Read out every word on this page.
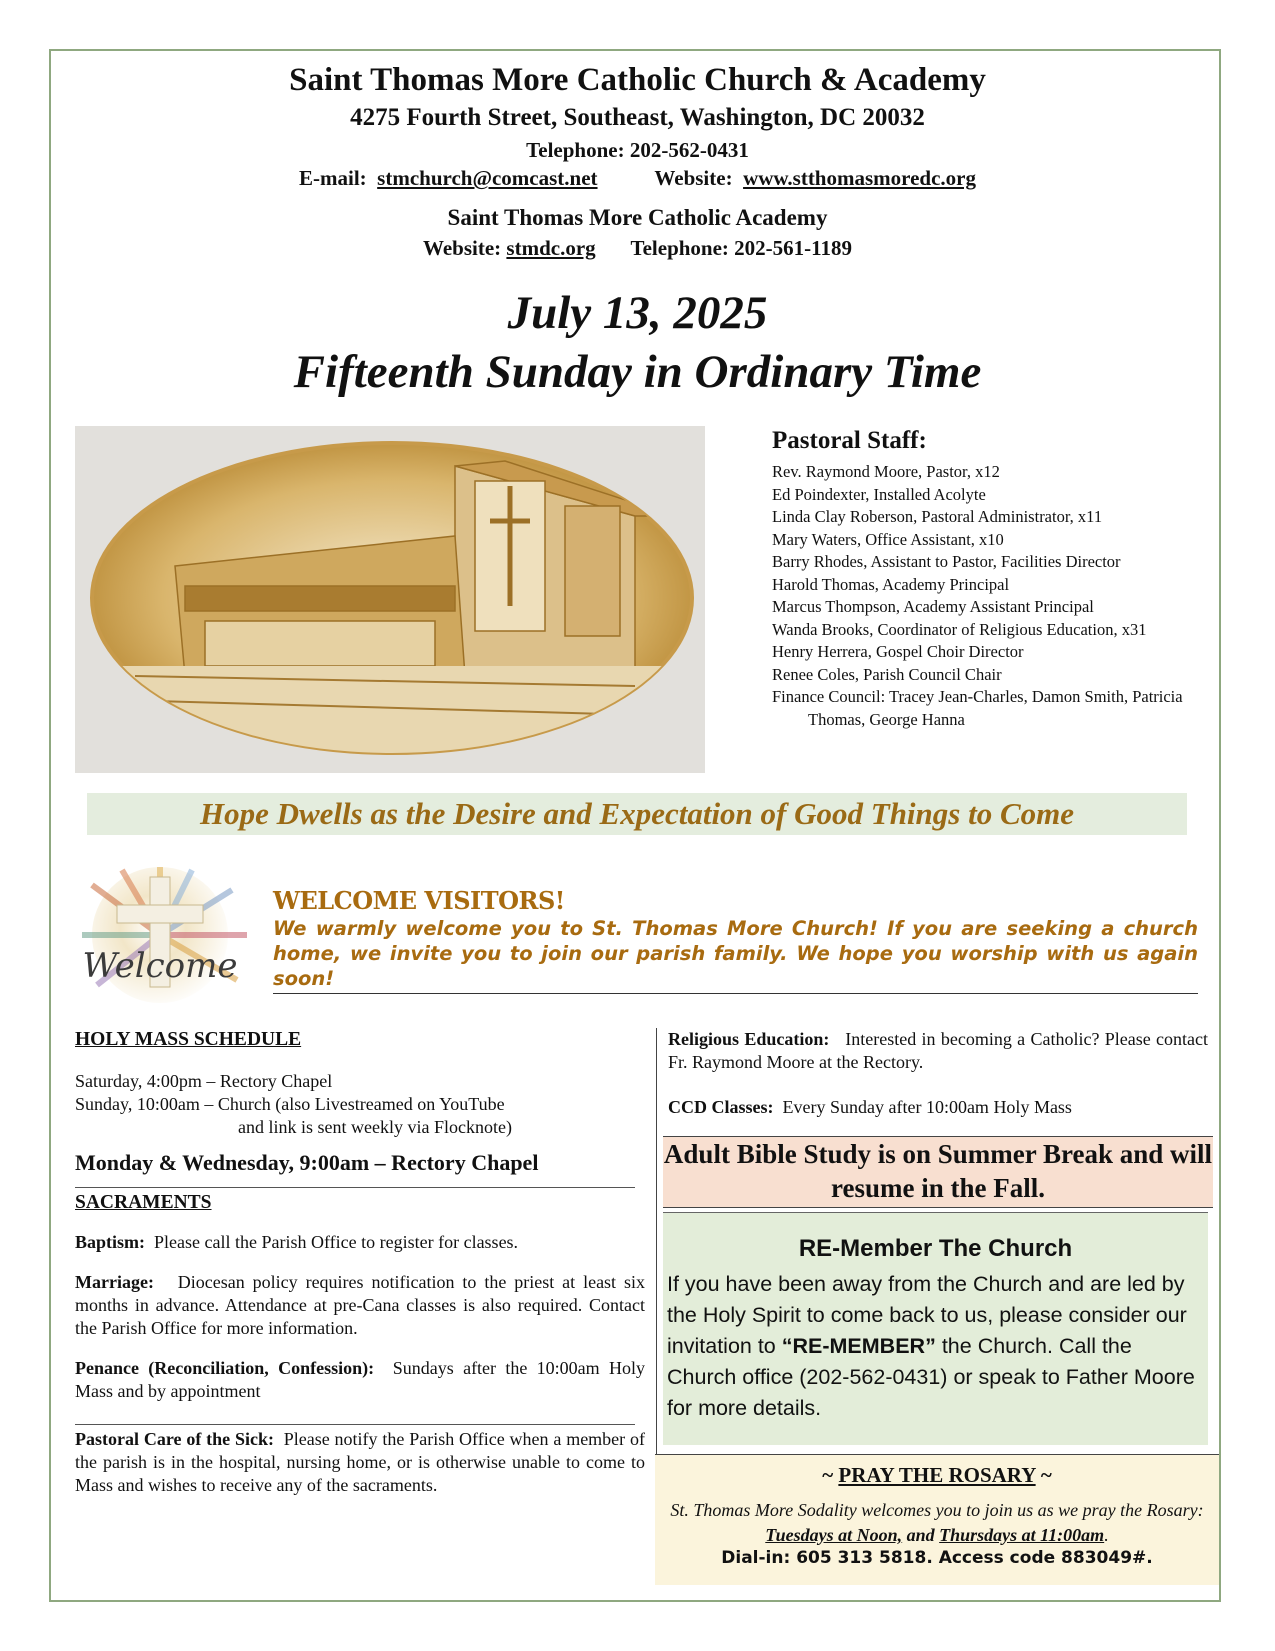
Saint Thomas More Catholic Church & Academy
4275 Fourth Street, Southeast, Washington, DC 20032
Telephone: 202-562-0431
E-mail: stmchurch@comcast.net	Website: www.stthomasmoredc.org
Saint Thomas More Catholic Academy
Website: stmdc.org Telephone: 202-561-1189
July 13, 2025
Fifteenth Sunday in Ordinary Time
Pastoral Staff:
Rev. Raymond Moore, Pastor, x12
Ed Poindexter, Installed Acolyte
Linda Clay Roberson, Pastoral Administrator, x11
Mary Waters, Office Assistant, x10
Barry Rhodes, Assistant to Pastor, Facilities Director
Harold Thomas, Academy Principal
Marcus Thompson, Academy Assistant Principal
Wanda Brooks, Coordinator of Religious Education, x31
Henry Herrera, Gospel Choir Director
Renee Coles, Parish Council Chair
Finance Council: Tracey Jean-Charles, Damon Smith, Patricia Thomas, George Hanna
Hope Dwells as the Desire and Expectation of Good Things to Come
Welcome
WELCOME VISITORS!
We warmly welcome you to St. Thomas More Church! If you are seeking a church home, we invite you to join our parish family. We hope you worship with us again soon!

HOLY MASS SCHEDULE

Saturday, 4:00pm – Rectory Chapel

Sunday, 10:00am – Church (also Livestreamed on YouTube

and link is sent weekly via Flocknote)

Monday & Wednesday, 9:00am – Rectory Chapel

SACRAMENTS

Baptism: Please call the Parish Office to register for classes.

Marriage: Diocesan policy requires notification to the priest at least six months in advance. Attendance at pre-Cana classes is also required. Contact the Parish Office for more information.

Penance (Reconciliation, Confession): Sundays after the 10:00am Holy Mass and by appointment

Pastoral Care of the Sick: Please notify the Parish Office when a member of the parish is in the hospital, nursing home, or is otherwise unable to come to Mass and wishes to receive any of the sacraments.

Religious Education: Interested in becoming a Catholic? Please contact Fr. Raymond Moore at the Rectory.

CCD Classes: Every Sunday after 10:00am Holy Mass

Adult Bible Study is on Summer Break and will resume in the Fall.
RE-Member The Church

If you have been away from the Church and are led by the Holy Spirit to come back to us, please consider our invitation to “RE-MEMBER” the Church. Call the Church office (202-562-0431) or speak to Father Moore for more details.

~ PRAY THE ROSARY ~
St. Thomas More Sodality welcomes you to join us as we pray the Rosary: Tuesdays at Noon, and Thursdays at 11:00am.
Dial-in: 605 313 5818. Access code 883049#.
